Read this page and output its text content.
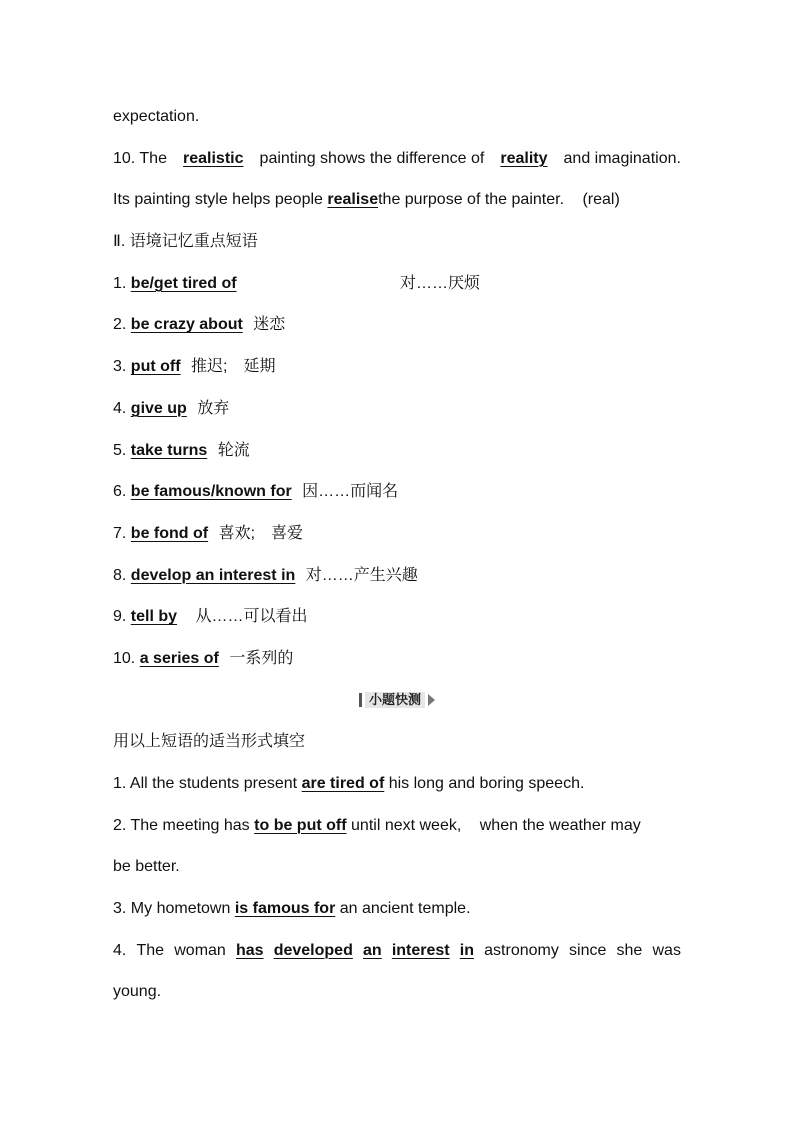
expectation.
10. The realistic painting shows the difference of reality and imagination.
Its painting style helps people realisethe purpose of the painter. (real)
Ⅱ. 语境记忆重点短语
1. be/get tired of	对……厌烦
2. be crazy about 迷恋
3. put off 推迟;　延期
4. give up 放弃
5. take turns 轮流
6. be famous/known for 因……而闻名
7. be fond of 喜欢;　喜爱
8. develop an interest in 对……产生兴趣
9. tell by 从……可以看出
10. a series of 一系列的
小题快测
用以上短语的适当形式填空
1. All the students present are tired of his long and boring speech.
2. The meeting has to be put off until next week, when the weather may
be better.
3. My hometown is famous for an ancient temple.
4. The woman has developed an interest in astronomy since she was
young.
